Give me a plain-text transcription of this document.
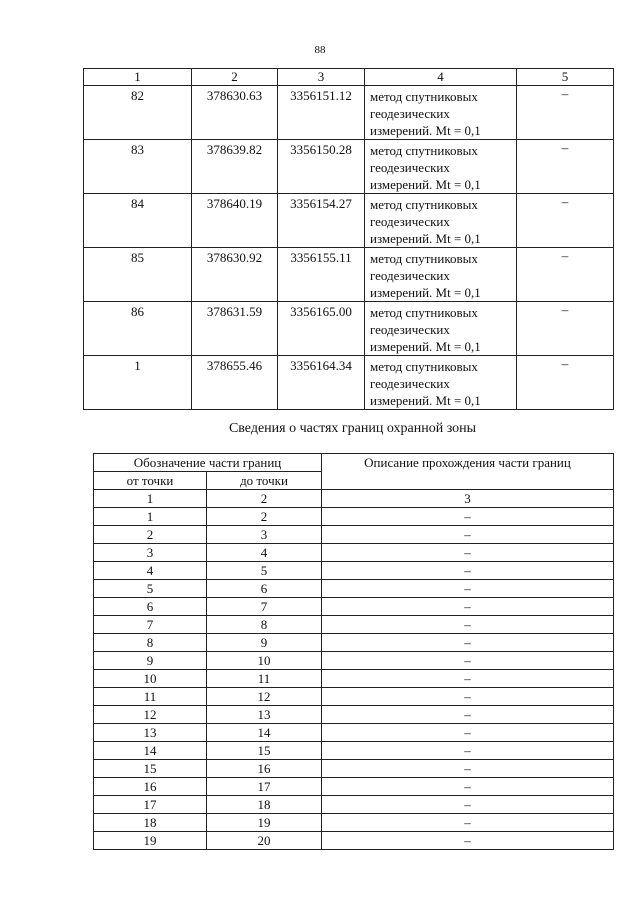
88
1	2	3	4	5
82	378630.63	3356151.12	метод спутниковых
геодезических
измерений. Mt = 0,1	–
83	378639.82	3356150.28	метод спутниковых
геодезических
измерений. Mt = 0,1	–
84	378640.19	3356154.27	метод спутниковых
геодезических
измерений. Mt = 0,1	–
85	378630.92	3356155.11	метод спутниковых
геодезических
измерений. Mt = 0,1	–
86	378631.59	3356165.00	метод спутниковых
геодезических
измерений. Mt = 0,1	–
1	378655.46	3356164.34	метод спутниковых
геодезических
измерений. Mt = 0,1	–
Сведения о частях границ охранной зоны
Обозначение части границ		Описание прохождения части границ
от точки	до точки	
1	2	3
1	2	–
2	3	–
3	4	–
4	5	–
5	6	–
6	7	–
7	8	–
8	9	–
9	10	–
10	11	–
11	12	–
12	13	–
13	14	–
14	15	–
15	16	–
16	17	–
17	18	–
18	19	–
19	20	–
